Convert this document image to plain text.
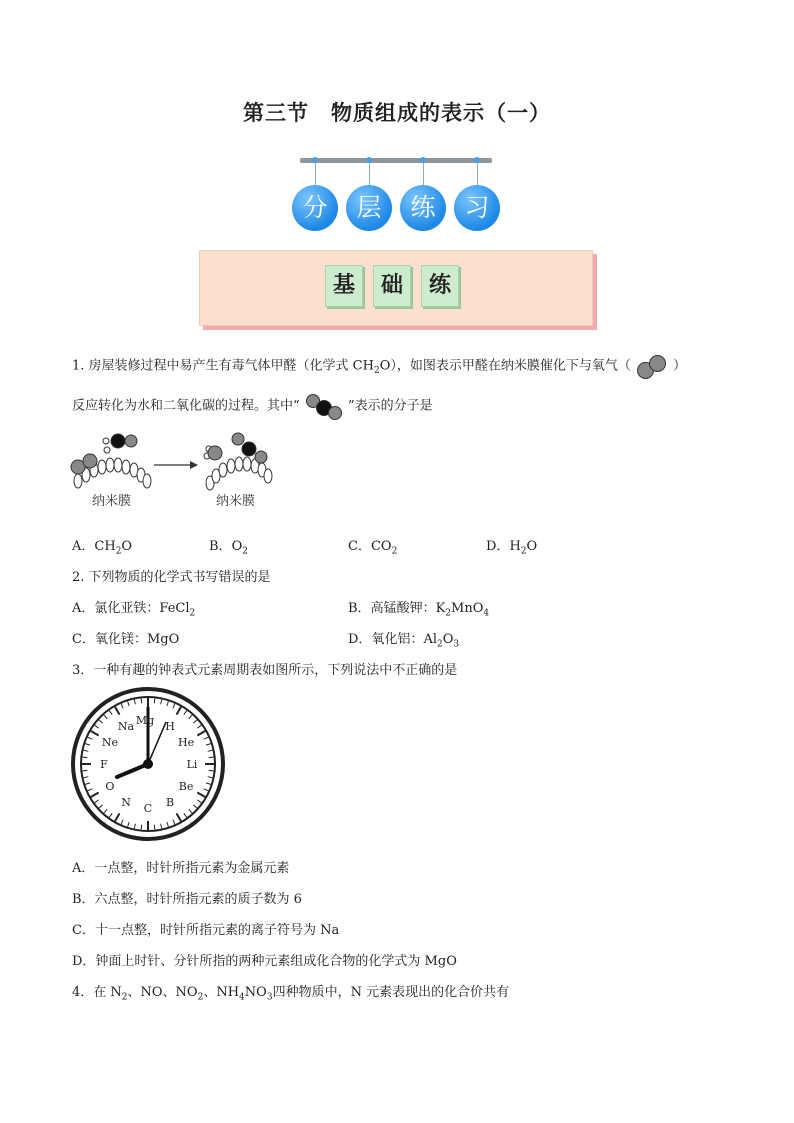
第三节　物质组成的表示（一）
分	层	练	习
基	础	练
1. 房屋装修过程中易产生有毒气体甲醛（化学式 $CH_2O$），如图表示甲醛在纳米膜催化下与氧气（	）
反应转化为水和二氧化碳的过程。其中“	”表示的分子是
纳米膜	纳米膜
A．$CH_2O$	B．$O_2$	C．$CO_2$	D．$H_2O$
2. 下列物质的化学式书写错误的是
A．氯化亚铁：FeCl$_2$	B．高锰酸钾：$K_2MnO_4$
C．氧化镁：MgO	D．氧化铝：$Al_2O_3$
3．一种有趣的钟表式元素周期表如图所示，下列说法中不正确的是
Mg H
He
Li
Be
B
C
N
O
F
Ne
Na
A．一点整，时针所指元素为金属元素
B．六点整，时针所指元素的质子数为 6
C．十一点整，时针所指元素的离子符号为 Na
D．钟面上时针、分针所指的两种元素组成化合物的化学式为 MgO
4．在 $N_2$、NO、$NO_2$、$NH_4NO_3$四种物质中，N 元素表现出的化合价共有
